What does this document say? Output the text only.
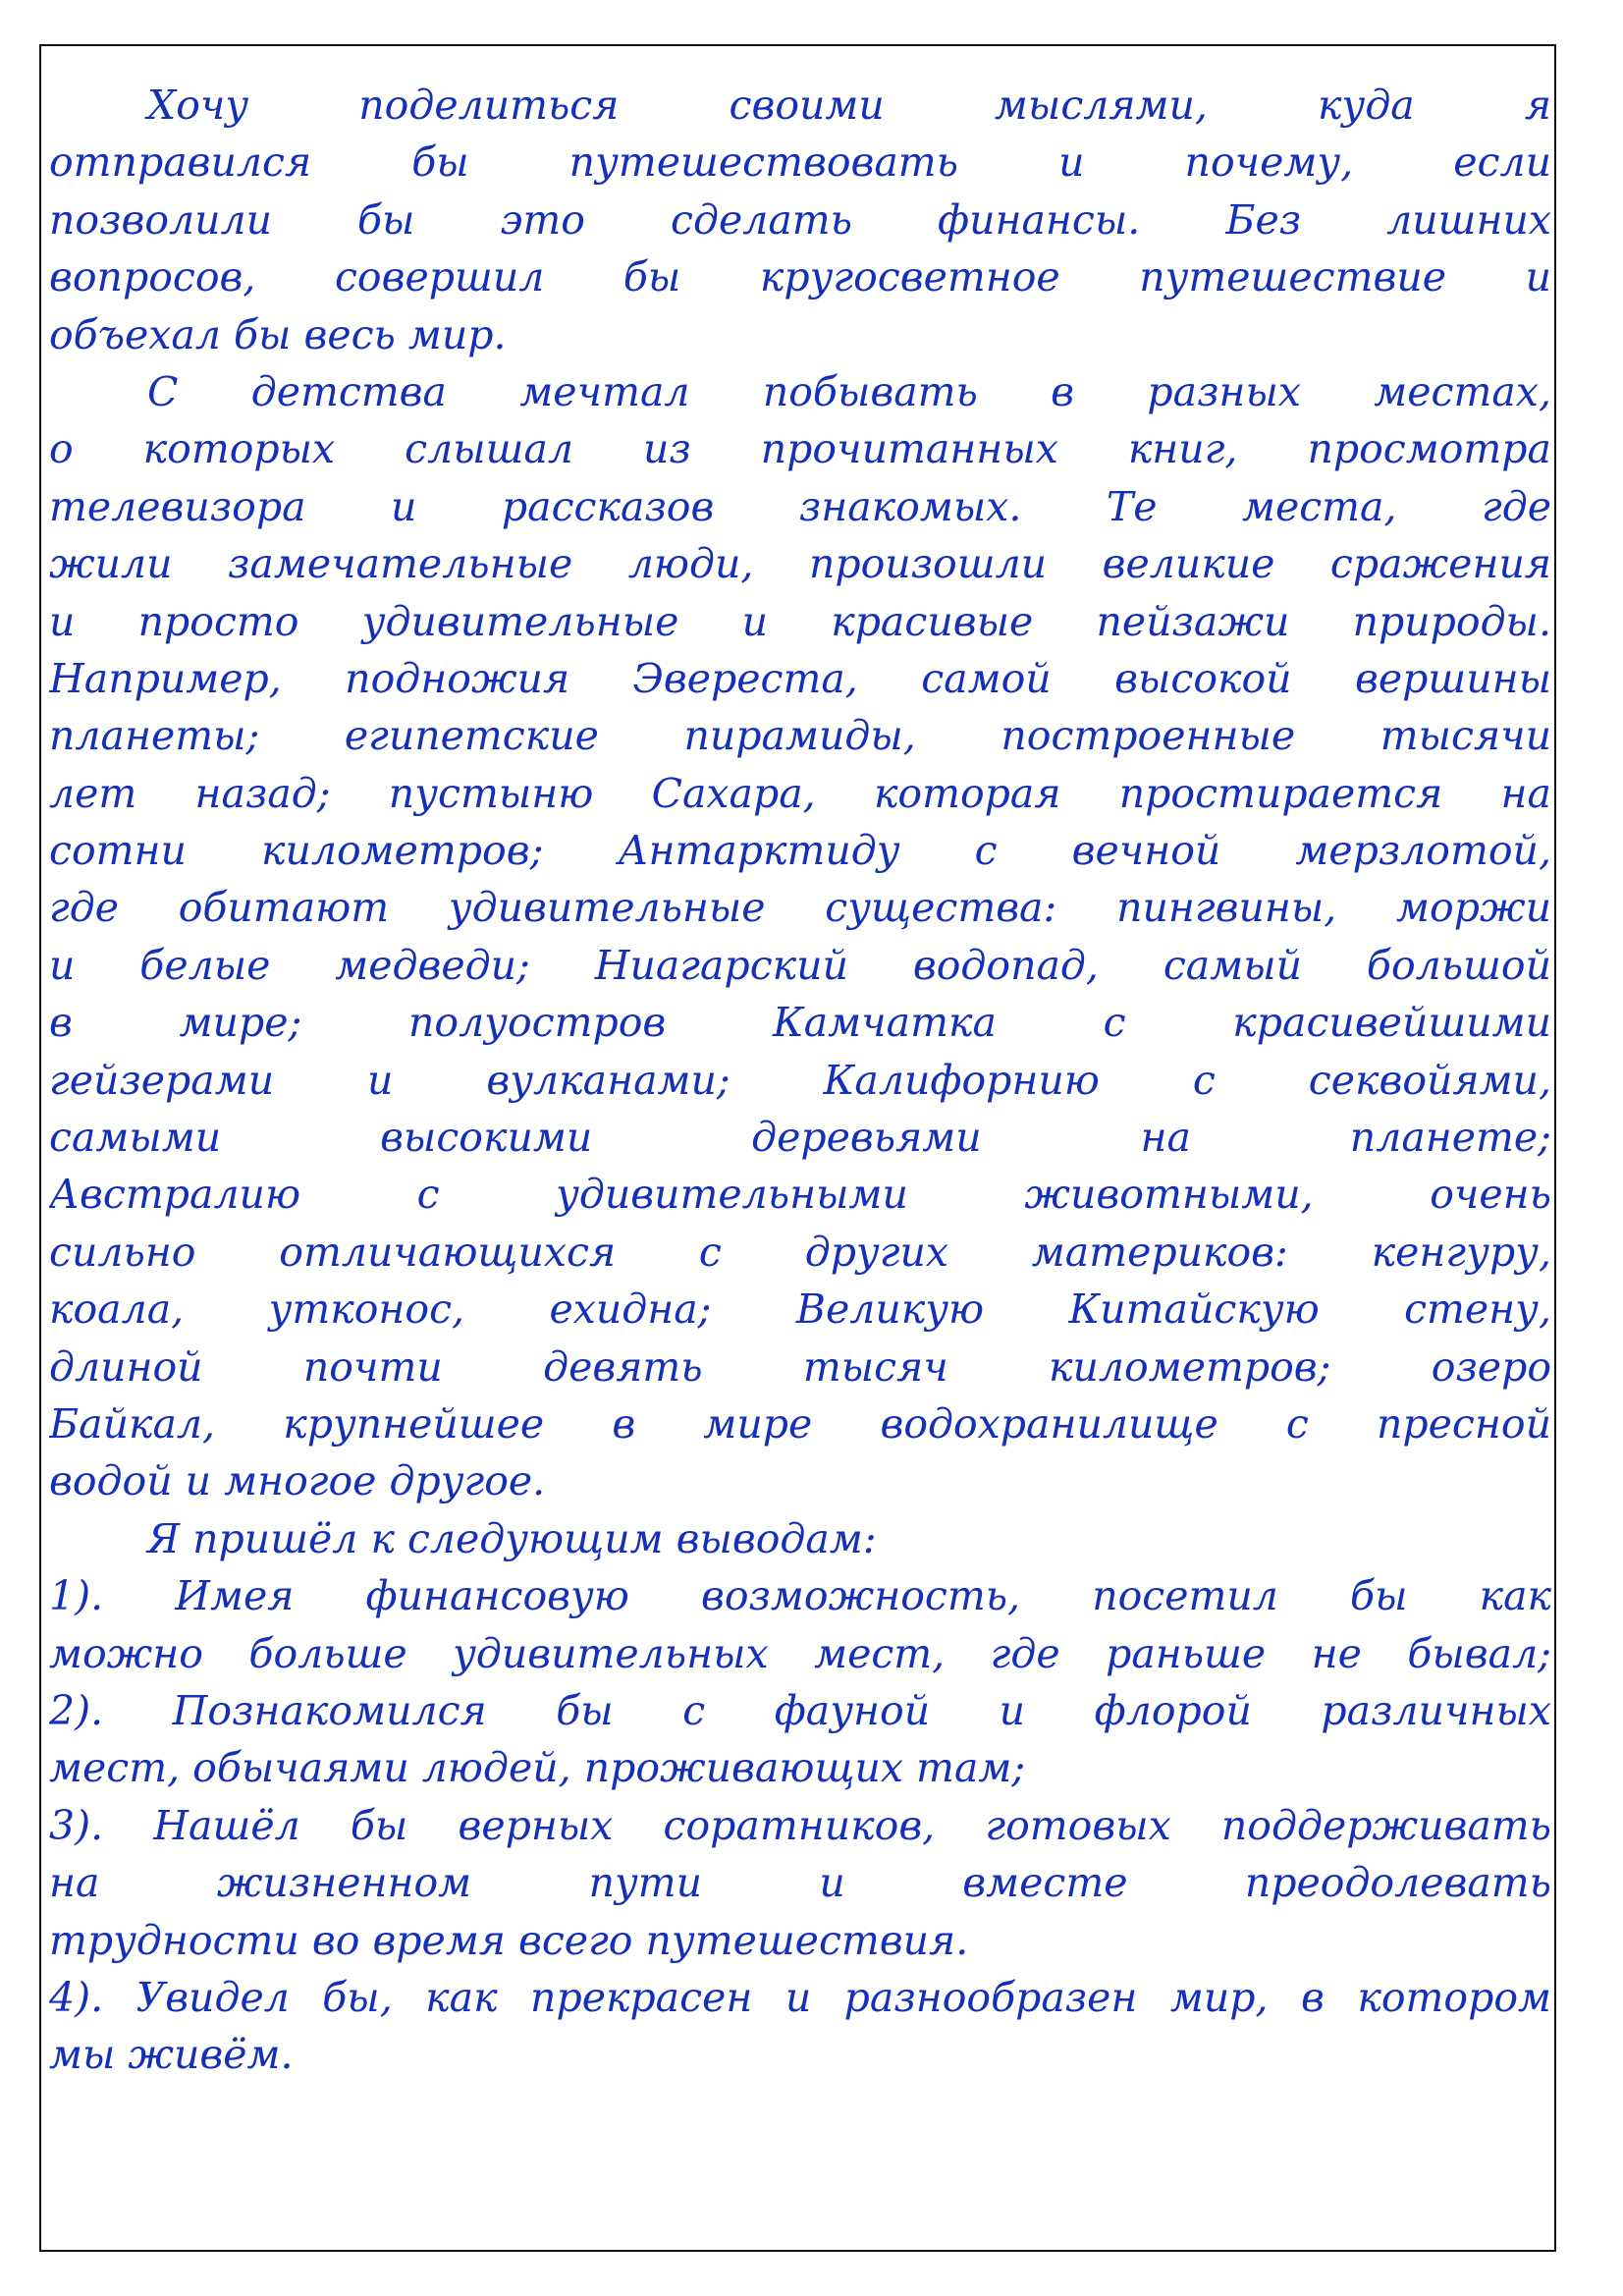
Хочу поделиться своими мыслями, куда я
отправился бы путешествовать и почему, если
позволили бы это сделать финансы. Без лишних
вопросов, совершил бы кругосветное путешествие и
объехал бы весь мир.
С детства мечтал побывать в разных местах,
о которых слышал из прочитанных книг, просмотра
телевизора и рассказов знакомых. Те места, где
жили замечательные люди, произошли великие сражения
и просто удивительные и красивые пейзажи природы.
Например, подножия Эвереста, самой высокой вершины
планеты; египетские пирамиды, построенные тысячи
лет назад; пустыню Сахара, которая простирается на
сотни километров; Антарктиду с вечной мерзлотой,
где обитают удивительные существа: пингвины, моржи
и белые медведи; Ниагарский водопад, самый большой
в мире; полуостров Камчатка с красивейшими
гейзерами и вулканами; Калифорнию с секвойями,
самыми высокими деревьями на планете;
Австралию с удивительными животными, очень
сильно отличающихся с других материков: кенгуру,
коала, утконос, ехидна; Великую Китайскую стену,
длиной почти девять тысяч километров; озеро
Байкал, крупнейшее в мире водохранилище с пресной
водой и многое другое.
Я пришёл к следующим выводам:
1). Имея финансовую возможность, посетил бы как
можно больше удивительных мест, где раньше не бывал;
2). Познакомился бы с фауной и флорой различных
мест, обычаями людей, проживающих там;
3). Нашёл бы верных соратников, готовых поддерживать
на жизненном пути и вместе преодолевать
трудности во время всего путешествия.
4). Увидел бы, как прекрасен и разнообразен мир, в котором
мы живём.
